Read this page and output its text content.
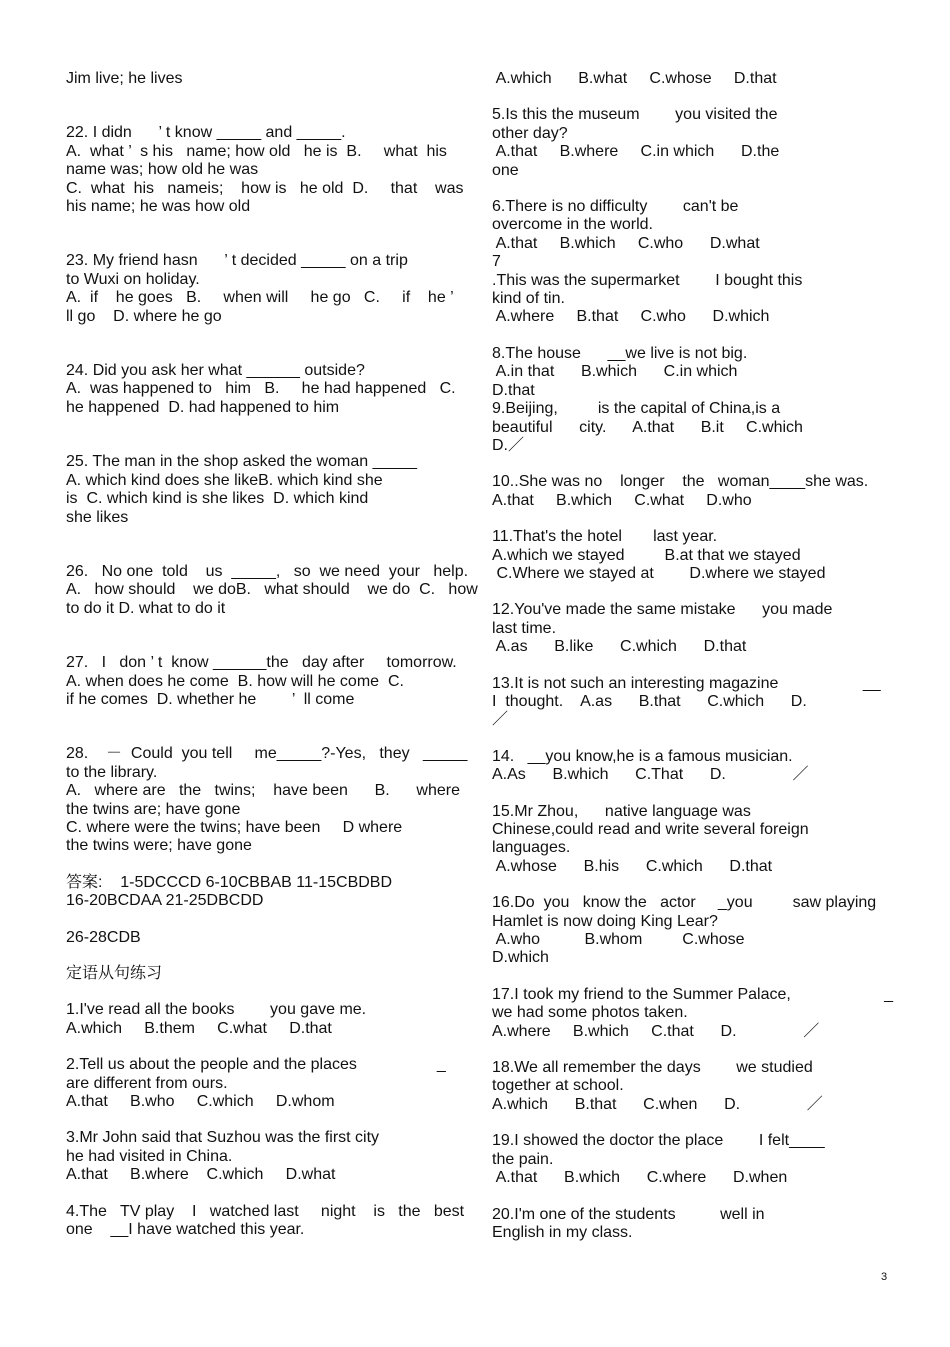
Jim live; he lives
22. I didn      ’ t know _____ and _____.
A.  what ’  s his   name; how old   he is  B.     what  his
name was; how old he was
C.  what  his   nameis;    how is   he old  D.     that    was
his name; he was how old
23. My friend hasn      ’ t decided _____ on a trip
to Wuxi on holiday.
A.  if    he goes   B.     when will     he go   C.     if    he ’
ll go    D. where he go
24. Did you ask her what ______ outside?
A.  was happened to   him   B.     he had happened   C.
he happened  D. had happened to him
25. The man in the shop asked the woman _____
A. which kind does she likeB. which kind she
is  C. which kind is she likes  D. which kind
she likes
26.   No one  told    us  _____,   so  we need  your   help.
A.   how should    we doB.   what should    we do  C.   how
to do it D. what to do it
27.   I   don ’ t  know ______the   day after     tomorrow.
A. when does he come  B. how will he come  C.
if he comes  D. whether he        ’  ll come
28.    －  Could  you tell     me_____?-Yes,   they   _____
to the library.
A.   where are   the   twins;    have been      B.      where
the twins are; have gone
C. where were the twins; have been     D where
the twins were; have gone
答案:    1-5DCCCD 6-10CBBAB 11-15CBDBD
16-20BCDAA 21-25DBCDD
26-28CDB
定语从句练习
1.I've read all the books        you gave me.
A.which     B.them     C.what     D.that
2.Tell us about the people and the places                  _
are different from ours.
A.that     B.who     C.which     D.whom
3.Mr John said that Suzhou was the first city
he had visited in China.
A.that     B.where    C.which     D.what
4.The   TV play    I   watched last     night    is   the   best
one    __I have watched this year.
A.which      B.what     C.whose     D.that
5.Is this the museum        you visited the
other day?
A.that     B.where     C.in which      D.the
one
6.There is no difficulty        can't be
overcome in the world.
A.that     B.which     C.who      D.what
7
.This was the supermarket        I bought this
kind of tin.
A.where     B.that     C.who      D.which
8.The house      __we live is not big.
A.in that      B.which      C.in which
D.that
9.Beijing,         is the capital of China,is a
beautiful      city.      A.that      B.it     C.which
D.／
10..She was no    longer    the   woman____she was.
A.that     B.which     C.what     D.who
11.That's the hotel       last year.
A.which we stayed         B.at that we stayed
C.Where we stayed at        D.where we stayed
12.You've made the same mistake      you made
last time.
A.as      B.like      C.which      D.that
13.It is not such an interesting magazine                   __
I  thought.    A.as      B.that      C.which      D.
／
14.   __you know,he is a famous musician.
A.As      B.which      C.That      D.               ／
15.Mr Zhou,      native language was
Chinese,could read and write several foreign
languages.
A.whose      B.his      C.which      D.that
16.Do  you   know the   actor     _you         saw playing
Hamlet is now doing King Lear?
A.who          B.whom         C.whose
D.which
17.I took my friend to the Summer Palace,                     _
we had some photos taken.
A.where     B.which     C.that      D.               ／
18.We all remember the days        we studied
together at school.
A.which      B.that      C.when      D.               ／
19.I showed the doctor the place        I felt____
the pain.
A.that      B.which      C.where      D.when
20.I'm one of the students          well in
English in my class.
3
